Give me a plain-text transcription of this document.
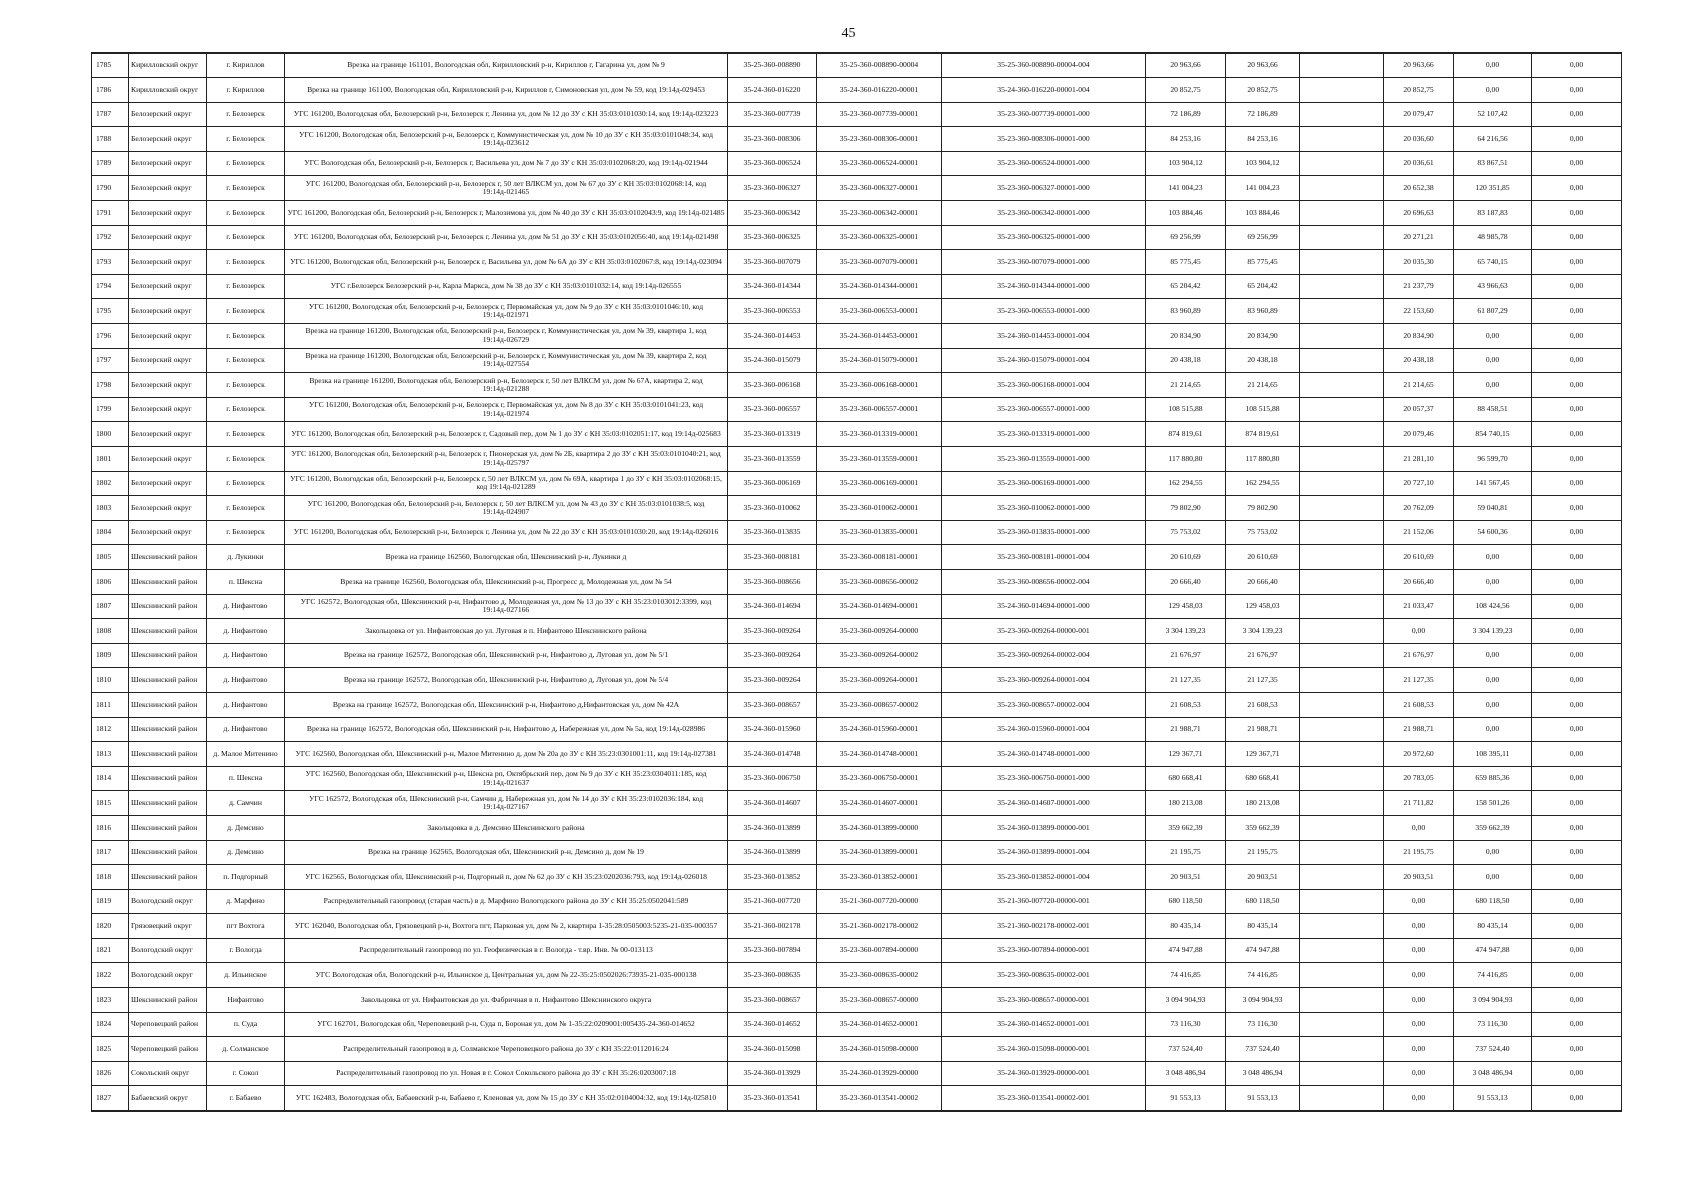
45
1785	Кирилловский округ	г. Кириллов	Врезка на границе 161101, Вологодская обл, Кирилловский р-н, Кириллов г, Гагарина ул, дом № 9	35-25-360-008890	35-25-360-008890-00004	35-25-360-008890-00004-004	20 963,66	20 963,66		20 963,66	0,00	0,00
1786	Кирилловский округ	г. Кириллов	Врезка на границе 161100, Вологодская обл, Кирилловский р-н, Кириллов г, Симоновская ул, дом № 59, код 19:14д-029453	35-24-360-016220	35-24-360-016220-00001	35-24-360-016220-00001-004	20 852,75	20 852,75		20 852,75	0,00	0,00
1787	Белозерский округ	г. Белозерск	УГС 161200, Вологодская обл, Белозерский р-н, Белозерск г, Ленина ул, дом № 12 до ЗУ с КН 35:03:0101030:14, код 19:14д-023223	35-23-360-007739	35-23-360-007739-00001	35-23-360-007739-00001-000	72 186,89	72 186,89		20 079,47	52 107,42	0,00
1788	Белозерский округ	г. Белозерск	УГС 161200, Вологодская обл, Белозерский р-н, Белозерск г, Коммунистическая ул, дом № 10 до ЗУ с КН 35:03:0101048:34, код 19:14д-023612	35-23-360-008306	35-23-360-008306-00001	35-23-360-008306-00001-000	84 253,16	84 253,16		20 036,60	64 216,56	0,00
1789	Белозерский округ	г. Белозерск	УГС Вологодская обл, Белозерский р-н, Белозерск г, Васильева ул, дом № 7 до ЗУ с КН 35:03:0102068:20, код 19:14д-021944	35-23-360-006524	35-23-360-006524-00001	35-23-360-006524-00001-000	103 904,12	103 904,12		20 036,61	83 867,51	0,00
1790	Белозерский округ	г. Белозерск	УГС 161200, Вологодская обл, Белозерский р-н, Белозерск г, 50 лет ВЛКСМ ул, дом № 67 до ЗУ с КН 35:03:0102068:14, код 19:14д-021465	35-23-360-006327	35-23-360-006327-00001	35-23-360-006327-00001-000	141 004,23	141 004,23		20 652,38	120 351,85	0,00
1791	Белозерский округ	г. Белозерск	УГС 161200, Вологодская обл, Белозерский р-н, Белозерск г, Малозимова ул, дом № 40 до ЗУ с КН 35:03:0102043:9, код 19:14д-021485	35-23-360-006342	35-23-360-006342-00001	35-23-360-006342-00001-000	103 884,46	103 884,46		20 696,63	83 187,83	0,00
1792	Белозерский округ	г. Белозерск	УГС 161200, Вологодская обл, Белозерский р-н, Белозерск г, Ленина ул, дом № 51 до ЗУ с КН 35:03:0102056:40, код 19:14д-021498	35-23-360-006325	35-23-360-006325-00001	35-23-360-006325-00001-000	69 256,99	69 256,99		20 271,21	48 985,78	0,00
1793	Белозерский округ	г. Белозерск	УГС 161200, Вологодская обл, Белозерский р-н, Белозерск г, Васильева ул, дом № 6А до ЗУ с КН 35:03:0102067:8, код 19:14д-023094	35-23-360-007079	35-23-360-007079-00001	35-23-360-007079-00001-000	85 775,45	85 775,45		20 035,30	65 740,15	0,00
1794	Белозерский округ	г. Белозерск	УГС г.Белозерск Белозерский р-н, Карла Маркса, дом № 38 до ЗУ с КН 35:03:0101032:14, код 19:14д-026555	35-24-360-014344	35-24-360-014344-00001	35-24-360-014344-00001-000	65 204,42	65 204,42		21 237,79	43 966,63	0,00
1795	Белозерский округ	г. Белозерск	УГС 161200, Вологодская обл, Белозерский р-н, Белозерск г, Первомайская ул, дом № 9 до ЗУ с КН 35:03:0101046:10, код 19:14д-021971	35-23-360-006553	35-23-360-006553-00001	35-23-360-006553-00001-000	83 960,89	83 960,89		22 153,60	61 807,29	0,00
1796	Белозерский округ	г. Белозерск	Врезка на границе 161200, Вологодская обл, Белозерский р-н, Белозерск г, Коммунистическая ул, дом № 39, квартира 1, код 19:14д-026729	35-24-360-014453	35-24-360-014453-00001	35-24-360-014453-00001-004	20 834,90	20 834,90		20 834,90	0,00	0,00
1797	Белозерский округ	г. Белозерск	Врезка на границе 161200, Вологодская обл, Белозерский р-н, Белозерск г, Коммунистическая ул, дом № 39, квартира 2, код 19:14д-027554	35-24-360-015079	35-24-360-015079-00001	35-24-360-015079-00001-004	20 438,18	20 438,18		20 438,18	0,00	0,00
1798	Белозерский округ	г. Белозерск	Врезка на границе 161200, Вологодская обл, Белозерский р-н, Белозерск г, 50 лет ВЛКСМ ул, дом № 67А, квартира 2, код 19:14д-021288	35-23-360-006168	35-23-360-006168-00001	35-23-360-006168-00001-004	21 214,65	21 214,65		21 214,65	0,00	0,00
1799	Белозерский округ	г. Белозерск	УГС 161200, Вологодская обл, Белозерский р-н, Белозерск г, Первомайская ул, дом № 8 до ЗУ с КН 35:03:0101041:23, код 19:14д-021974	35-23-360-006557	35-23-360-006557-00001	35-23-360-006557-00001-000	108 515,88	108 515,88		20 057,37	88 458,51	0,00
1800	Белозерский округ	г. Белозерск	УГС 161200, Вологодская обл, Белозерский р-н, Белозерск г, Садовый пер, дом № 1 до ЗУ с КН 35:03:0102051:17, код 19:14д-025683	35-23-360-013319	35-23-360-013319-00001	35-23-360-013319-00001-000	874 819,61	874 819,61		20 079,46	854 740,15	0,00
1801	Белозерский округ	г. Белозерск	УГС 161200, Вологодская обл, Белозерский р-н, Белозерск г, Пионерская ул, дом № 2Б, квартира 2 до ЗУ с КН 35:03:0101040:21, код 19:14д-025797	35-23-360-013559	35-23-360-013559-00001	35-23-360-013559-00001-000	117 880,80	117 880,80		21 281,10	96 599,70	0,00
1802	Белозерский округ	г. Белозерск	УГС 161200, Вологодская обл, Белозерский р-н, Белозерск г, 50 лет ВЛКСМ ул, дом № 69А, квартира 1 до ЗУ с КН 35:03:0102068:15, код 19:14д-021289	35-23-360-006169	35-23-360-006169-00001	35-23-360-006169-00001-000	162 294,55	162 294,55		20 727,10	141 567,45	0,00
1803	Белозерский округ	г. Белозерск	УГС 161200, Вологодская обл, Белозерский р-н, Белозерск г, 50 лет ВЛКСМ ул, дом № 43 до ЗУ с КН 35:03:0101038:5, код 19:14д-024907	35-23-360-010062	35-23-360-010062-00001	35-23-360-010062-00001-000	79 802,90	79 802,90		20 762,09	59 040,81	0,00
1804	Белозерский округ	г. Белозерск	УГС 161200, Вологодская обл, Белозерский р-н, Белозерск г, Ленина ул, дом № 22 до ЗУ с КН 35:03:0101030:20, код 19:14д-026016	35-23-360-013835	35-23-360-013835-00001	35-23-360-013835-00001-000	75 753,02	75 753,02		21 152,06	54 600,36	0,00
1805	Шекснинский район	д. Лукинки	Врезка на границе 162560, Вологодская обл, Шекснинский р-н, Лукинки д	35-23-360-008181	35-23-360-008181-00001	35-23-360-008181-00001-004	20 610,69	20 610,69		20 610,69	0,00	0,00
1806	Шекснинский район	п. Шексна	Врезка на границе 162560, Вологодская обл, Шекснинский р-н, Прогресс д, Молодежная ул, дом № 54	35-23-360-008656	35-23-360-008656-00002	35-23-360-008656-00002-004	20 666,40	20 666,40		20 666,40	0,00	0,00
1807	Шекснинский район	д. Нифантово	УГС 162572, Вологодская обл, Шекснинский р-н, Нифантово д, Молодежная ул, дом № 13 до ЗУ с КН 35:23:0103012:3399, код 19:14д-027166	35-24-360-014694	35-24-360-014694-00001	35-24-360-014694-00001-000	129 458,03	129 458,03		21 033,47	108 424,56	0,00
1808	Шекснинский район	д. Нифантово	Закольцовка от ул. Нифантовская до ул. Луговая в п. Нифантово Шекснинского района	35-23-360-009264	35-23-360-009264-00000	35-23-360-009264-00000-001	3 304 139,23	3 304 139,23		0,00	3 304 139,23	0,00
1809	Шекснинский район	д. Нифантово	Врезка на границе 162572, Вологодская обл, Шекснинский р-н, Нифантово д, Луговая ул, дом № 5/1	35-23-360-009264	35-23-360-009264-00002	35-23-360-009264-00002-004	21 676,97	21 676,97		21 676,97	0,00	0,00
1810	Шекснинский район	д. Нифантово	Врезка на границе 162572, Вологодская обл, Шекснинский р-н, Нифантово д, Луговая ул, дом № 5/4	35-23-360-009264	35-23-360-009264-00001	35-23-360-009264-00001-004	21 127,35	21 127,35		21 127,35	0,00	0,00
1811	Шекснинский район	д. Нифантово	Врезка на границе 162572, Вологодская обл, Шекснинский р-н, Нифантово д,Нифантовская ул, дом № 42А	35-23-360-008657	35-23-360-008657-00002	35-23-360-008657-00002-004	21 608,53	21 608,53		21 608,53	0,00	0,00
1812	Шекснинский район	д. Нифантово	Врезка на границе 162572, Вологодская обл, Шекснинский р-н, Нифантово д, Набережная ул, дом № 5а, код 19:14д-028986	35-24-360-015960	35-24-360-015960-00001	35-24-360-015960-00001-004	21 988,71	21 988,71		21 988,71	0,00	0,00
1813	Шекснинский район	д. Малое Митенино	УГС 162560, Вологодская обл, Шекснинский р-н, Малое Митенино д, дом № 20а до ЗУ с КН 35:23:0301001:11, код 19:14д-027381	35-24-360-014748	35-24-360-014748-00001	35-24-360-014748-00001-000	129 367,71	129 367,71		20 972,60	108 395,11	0,00
1814	Шекснинский район	п. Шексна	УГС 162560, Вологодская обл, Шекснинский р-н, Шексна рп, Октябрьский пер, дом № 9 до ЗУ с КН 35:23:0304011:185, код 19:14д-021637	35-23-360-006750	35-23-360-006750-00001	35-23-360-006750-00001-000	680 668,41	680 668,41		20 783,05	659 885,36	0,00
1815	Шекснинский район	д. Самчин	УГС 162572, Вологодская обл, Шекснинский р-н, Самчин д, Набережная ул, дом № 14 до ЗУ с КН 35:23:0102036:184, код 19:14д-027167	35-24-360-014607	35-24-360-014607-00001	35-24-360-014607-00001-000	180 213,08	180 213,08		21 711,82	158 501,26	0,00
1816	Шекснинский район	д. Демсино	Закольцовка в д. Демсино Шекснинского района	35-24-360-013899	35-24-360-013899-00000	35-24-360-013899-00000-001	359 662,39	359 662,39		0,00	359 662,39	0,00
1817	Шекснинский район	д. Демсино	Врезка на границе 162565, Вологодская обл, Шекснинский р-н, Демсино д, дом № 19	35-24-360-013899	35-24-360-013899-00001	35-24-360-013899-00001-004	21 195,75	21 195,75		21 195,75	0,00	0,00
1818	Шекснинский район	п. Подгорный	УГС 162565, Вологодская обл, Шекснинский р-н, Подгорный п, дом № 62 до ЗУ с КН 35:23:0202036:793, код 19:14д-026018	35-23-360-013852	35-23-360-013852-00001	35-23-360-013852-00001-004	20 903,51	20 903,51		20 903,51	0,00	0,00
1819	Вологодский округ	д. Марфино	Распределительный газопровод (старая часть) в д. Марфино Вологодского района до ЗУ с КН 35:25:0502041:589	35-21-360-007720	35-21-360-007720-00000	35-21-360-007720-00000-001	680 118,50	680 118,50		0,00	680 118,50	0,00
1820	Грязовецкий округ	пгт Вохтога	УГС 162040, Вологодская обл, Грязовецкий р-н, Вохтога пгт, Парковая ул, дом № 2, квартира 1-35:28:0505003:5235-21-035-000357	35-21-360-002178	35-21-360-002178-00002	35-21-360-002178-00002-001	80 435,14	80 435,14		0,00	80 435,14	0,00
1821	Вологодский округ	г. Вологда	Распределительный газопровод по ул. Геофизическая в г. Вологда - т.вр. Инв. № 00-013113	35-23-360-007894	35-23-360-007894-00000	35-23-360-007894-00000-001	474 947,88	474 947,88		0,00	474 947,88	0,00
1822	Вологодский округ	д. Ильинское	УГС Вологодская обл, Вологодский р-н, Ильинское д, Центральная ул, дом № 22-35:25:0502026:73935-21-035-000138	35-23-360-008635	35-23-360-008635-00002	35-23-360-008635-00002-001	74 416,85	74 416,85		0,00	74 416,85	0,00
1823	Шекснинский район	Нифантово	Закольцовка от ул. Нифантовская до ул. Фабричная в п. Нифантово Шекснинского округа	35-23-360-008657	35-23-360-008657-00000	35-23-360-008657-00000-001	3 094 904,93	3 094 904,93		0,00	3 094 904,93	0,00
1824	Череповецкий район	п. Суда	УГС 162701, Вологодская обл, Череповецкий р-н, Суда п, Бороная ул, дом № 1-35:22:0209001:005435-24-360-014652	35-24-360-014652	35-24-360-014652-00001	35-24-360-014652-00001-001	73 116,30	73 116,30		0,00	73 116,30	0,00
1825	Череповецкий район	д. Солманское	Распределительный газопровод в д. Солманское Череповецкого района до ЗУ с КН 35:22:0112016:24	35-24-360-015098	35-24-360-015098-00000	35-24-360-015098-00000-001	737 524,40	737 524,40		0,00	737 524,40	0,00
1826	Сокольский округ	г. Сокол	Распределительный газопровод по ул. Новая в г. Сокол Сокольского района до ЗУ с КН 35:26:0203007:18	35-24-360-013929	35-24-360-013929-00000	35-24-360-013929-00000-001	3 048 486,94	3 048 486,94		0,00	3 048 486,94	0,00
1827	Бабаевский округ	г. Бабаево	УГС 162483, Вологодская обл, Бабаевский р-н, Бабаево г, Кленовая ул, дом № 15 до ЗУ с КН 35:02:0104004:32, код 19:14д-025810	35-23-360-013541	35-23-360-013541-00002	35-23-360-013541-00002-001	91 553,13	91 553,13		0,00	91 553,13	0,00
